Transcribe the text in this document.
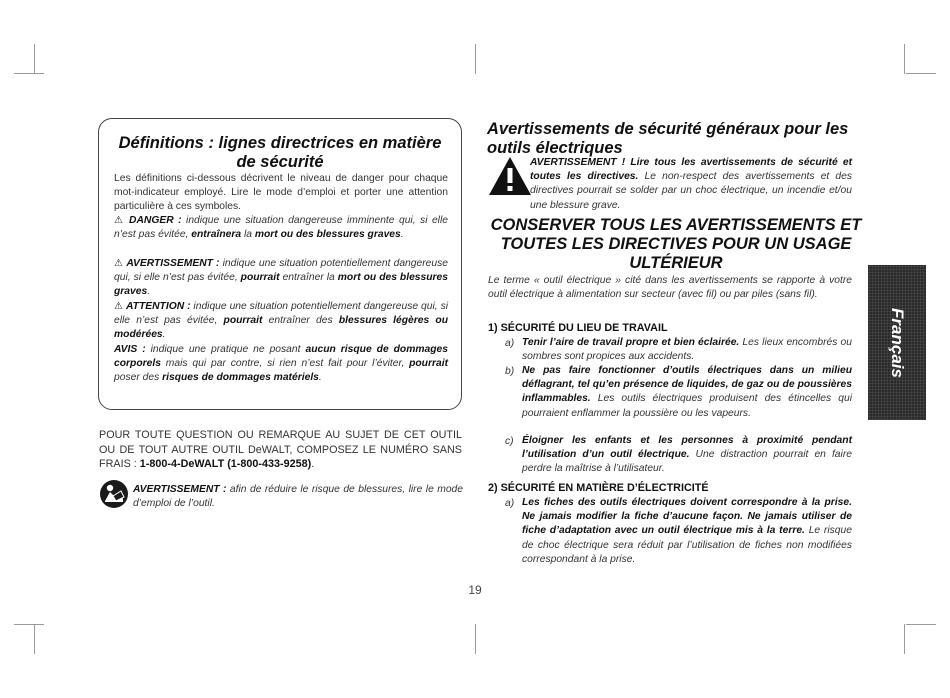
Définitions : lignes directrices en matière de sécurité

Les définitions ci-dessous décrivent le niveau de danger pour chaque mot-indicateur employé. Lire le mode d’emploi et porter une attention particulière à ces symboles.

⚠ DANGER : indique une situation dangereuse imminente qui, si elle n’est pas évitée, entraînera la mort ou des blessures graves.

⚠ AVERTISSEMENT : indique une situation potentiellement dangereuse qui, si elle n’est pas évitée, pourrait entraîner la mort ou des blessures graves.

⚠ ATTENTION : indique une situation potentiellement dangereuse qui, si elle n’est pas évitée, pourrait entraîner des blessures légères ou modérées.

AVIS : indique une pratique ne posant aucun risque de dommages corporels mais qui par contre, si rien n’est fait pour l’éviter, pourrait poser des risques de dommages matériels.

POUR TOUTE QUESTION OU REMARQUE AU SUJET DE CET OUTIL OU DE TOUT AUTRE OUTIL DeWALT, COMPOSEZ LE NUMÉRO SANS FRAIS : 1-800-4-DeWALT (1-800-433-9258).

AVERTISSEMENT : afin de réduire le risque de blessures, lire le mode d’emploi de l’outil.

Avertissements de sécurité généraux pour les outils électriques

AVERTISSEMENT ! Lire tous les avertissements de sécurité et toutes les directives. Le non-respect des avertissements et des directives pourrait se solder par un choc électrique, un incendie et/ou une blessure grave.

CONSERVER TOUS LES AVERTISSEMENTS ET TOUTES LES DIRECTIVES POUR UN USAGE ULTÉRIEUR

Le terme « outil électrique » cité dans les avertissements se rapporte à votre outil électrique à alimentation sur secteur (avec fil) ou par piles (sans fil).

1) SÉCURITÉ DU LIEU DE TRAVAIL

a) Tenir l’aire de travail propre et bien éclairée. Les lieux encombrés ou sombres sont propices aux accidents.

b) Ne pas faire fonctionner d’outils électriques dans un milieu déflagrant, tel qu’en présence de liquides, de gaz ou de poussières inflammables. Les outils électriques produisent des étincelles qui pourraient enflammer la poussière ou les vapeurs.

c) Éloigner les enfants et les personnes à proximité pendant l’utilisation d’un outil électrique. Une distraction pourrait en faire perdre la maîtrise à l’utilisateur.

2) SÉCURITÉ EN MATIÈRE D’ÉLECTRICITÉ

a) Les fiches des outils électriques doivent correspondre à la prise. Ne jamais modifier la fiche d’aucune façon. Ne jamais utiliser de fiche d’adaptation avec un outil électrique mis à la terre. Le risque de choc électrique sera réduit par l’utilisation de fiches non modifiées correspondant à la prise.

Français
19
